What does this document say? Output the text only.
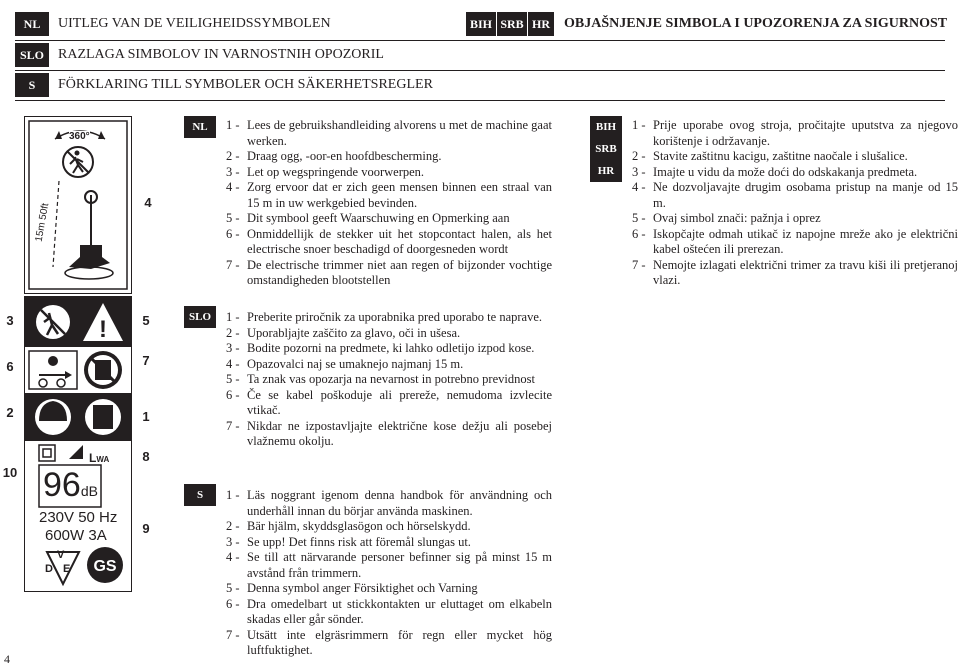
NL	UITLEG VAN DE VEILIGHEIDSSYMBOLEN	BIH SRB HR OBJAŠNJENJE SIMBOLA I UPOZORENJA ZA SIGURNOST
SLO	RAZLAGA SIMBOLOV IN VARNOSTNIH OPOZORIL
S	FÖRKLARING TILL SYMBOLER OCH SÄKERHETSREGLER
360°
15m 50ft
4
NL	1 - Lees de gebruikshandleiding alvorens u met de machine gaat werken.
2 - Draag ogg, -oor-en hoofdbescherming.
3 - Let op wegspringende voorwerpen.
4 - Zorg ervoor dat er zich geen mensen binnen een straal van 15 m in uw werkgebied bevinden.
5 - Dit symbool geeft Waarschuwing en Opmerking aan
6 - Onmiddellijk de stekker uit het stopcontact halen, als het electrische snoer beschadigd of doorgesneden wordt
7 - De electrische trimmer niet aan regen of bijzonder vochtige omstandigheden blootstellen
BIH
SRB
HR
1 - Prije uporabe ovog stroja, pročitajte uputstva za njegovo korištenje i održavanje.
2 - Stavite zaštitnu kacigu, zaštitne naočale i slušalice.
3 - Imajte u vidu da može doći do odskakanja predmeta.
4 - Ne dozvoljavajte drugim osobama pristup na manje od 15 m.
5 - Ovaj simbol znači: pažnja i oprez
6 - Iskopčajte odmah utikač iz napojne mreže ako je električni kabel oštećen ili prerezan.
7 - Nemojte izlagati električni trimer za travu kiši ili pretjeranoj vlazi.
!
GS
LWA
96dB
230V 50 Hz
600W 3A
V
D E
3	5
6	7
2	1
8
10
9
SLO	1 - Preberite priročnik za uporabnika pred uporabo te naprave.
2 - Uporabljajte zaščito za glavo, oči in ušesa.
3 - Bodite pozorni na predmete, ki lahko odletijo izpod kose.
4 - Opazovalci naj se umaknejo najmanj 15 m.
5 - Ta znak vas opozarja na nevarnost in potrebno previdnost
6 - Če se kabel poškoduje ali prereže, nemudoma izvlecite vtikač.
7 - Nikdar ne izpostavljajte električne kose dežju ali posebej vlažnemu okolju.
S	1 - Läs noggrant igenom denna handbok för användning och underhåll innan du börjar använda maskinen.
2 - Bär hjälm, skyddsglasögon och hörselskydd.
3 - Se upp! Det finns risk att föremål slungas ut.
4 - Se till att närvarande personer befinner sig på minst 15 m avstånd från trimmern.
5 - Denna symbol anger Försiktighet och Varning
6 - Dra omedelbart ut stickkontakten ur eluttaget om elkabeln skadas eller går sönder.
7 - Utsätt inte elgräsrimmern för regn eller mycket hög luftfuktighet.
4
